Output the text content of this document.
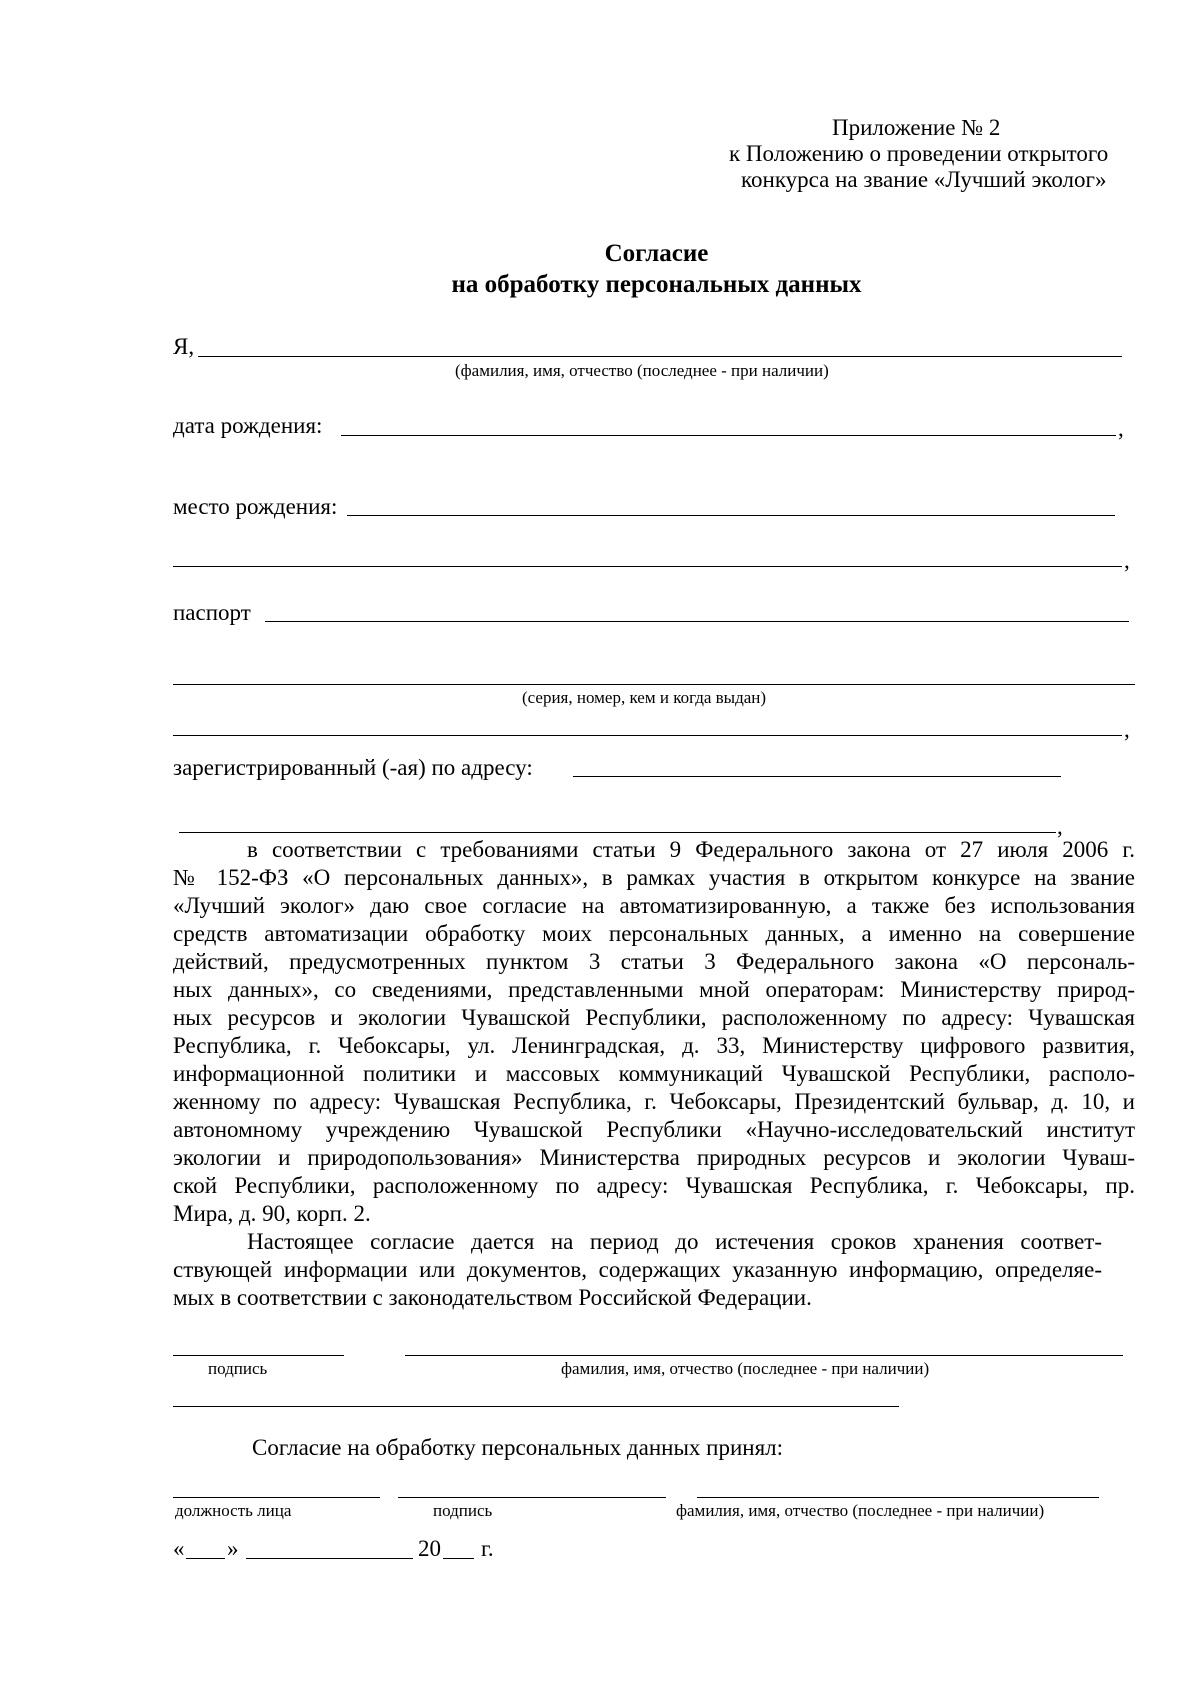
Приложение № 2
к Положению о проведении открытого
конкурса на звание «Лучший эколог»
Согласие
на обработку персональных данных
Я,
(фамилия, имя, отчество (последнее - при наличии)
дата рождения:	,
место рождения:
,
паспорт
(серия, номер, кем и когда выдан)
,
зарегистрированный (-ая) по адресу:
,
в соответствии с требованиями статьи 9 Федерального закона от 27 июля 2006 г.
№ 152-ФЗ «О персональных данных», в рамках участия в открытом конкурсе на звание
«Лучший эколог» даю свое согласие на автоматизированную, а также без использования
средств автоматизации обработку моих персональных данных, а именно на совершение
действий, предусмотренных пунктом 3 статьи 3 Федерального закона «О персональ-
ных данных», со сведениями, представленными мной операторам: Министерству природ-
ных ресурсов и экологии Чувашской Республики, расположенному по адресу: Чувашская
Республика, г. Чебоксары, ул. Ленинградская, д. 33, Министерству цифрового развития,
информационной политики и массовых коммуникаций Чувашской Республики, располо-
женному по адресу: Чувашская Республика, г. Чебоксары, Президентский бульвар, д. 10, и
автономному учреждению Чувашской Республики «Научно-исследовательский институт
экологии и природопользования» Министерства природных ресурсов и экологии Чуваш-
ской Республики, расположенному по адресу: Чувашская Республика, г. Чебоксары, пр.
Мира, д. 90, корп. 2.
Настоящее согласие дается на период до истечения сроков хранения соответ-
ствующей информации или документов, содержащих указанную информацию, определяе-
мых в соответствии с законодательством Российской Федерации.
подпись	фамилия, имя, отчество (последнее - при наличии)
Согласие на обработку персональных данных принял:
должность лица	подпись	фамилия, имя, отчество (последнее - при наличии)
« »	20 г.
